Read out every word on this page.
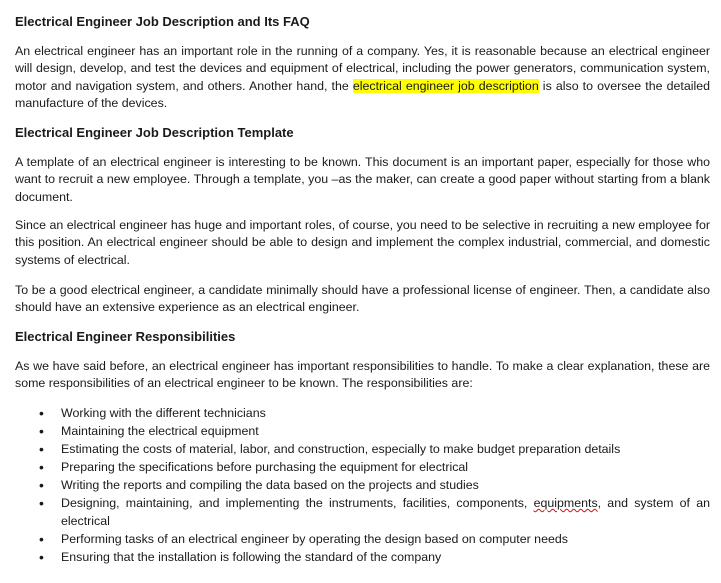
Electrical Engineer Job Description and Its FAQ

An electrical engineer has an important role in the running of a company. Yes, it is reasonable because an electrical engineer will design, develop, and test the devices and equipment of electrical, including the power generators, communication system, motor and navigation system, and others. Another hand, the electrical engineer job description is also to oversee the detailed manufacture of the devices.

Electrical Engineer Job Description Template

A template of an electrical engineer is interesting to be known. This document is an important paper, especially for those who want to recruit a new employee. Through a template, you –as the maker, can create a good paper without starting from a blank document.

Since an electrical engineer has huge and important roles, of course, you need to be selective in recruiting a new employee for this position. An electrical engineer should be able to design and implement the complex industrial, commercial, and domestic systems of electrical.

To be a good electrical engineer, a candidate minimally should have a professional license of engineer. Then, a candidate also should have an extensive experience as an electrical engineer.

Electrical Engineer Responsibilities

As we have said before, an electrical engineer has important responsibilities to handle. To make a clear explanation, these are some responsibilities of an electrical engineer to be known. The responsibilities are:

•	Working with the different technicians
•	Maintaining the electrical equipment
•	Estimating the costs of material, labor, and construction, especially to make budget preparation details
•	Preparing the specifications before purchasing the equipment for electrical
•	Writing the reports and compiling the data based on the projects and studies
•	Designing, maintaining, and implementing the instruments, facilities, components, equipments, and system of an electrical
•	Performing tasks of an electrical engineer by operating the design based on computer needs
•	Ensuring that the installation is following the standard of the company
